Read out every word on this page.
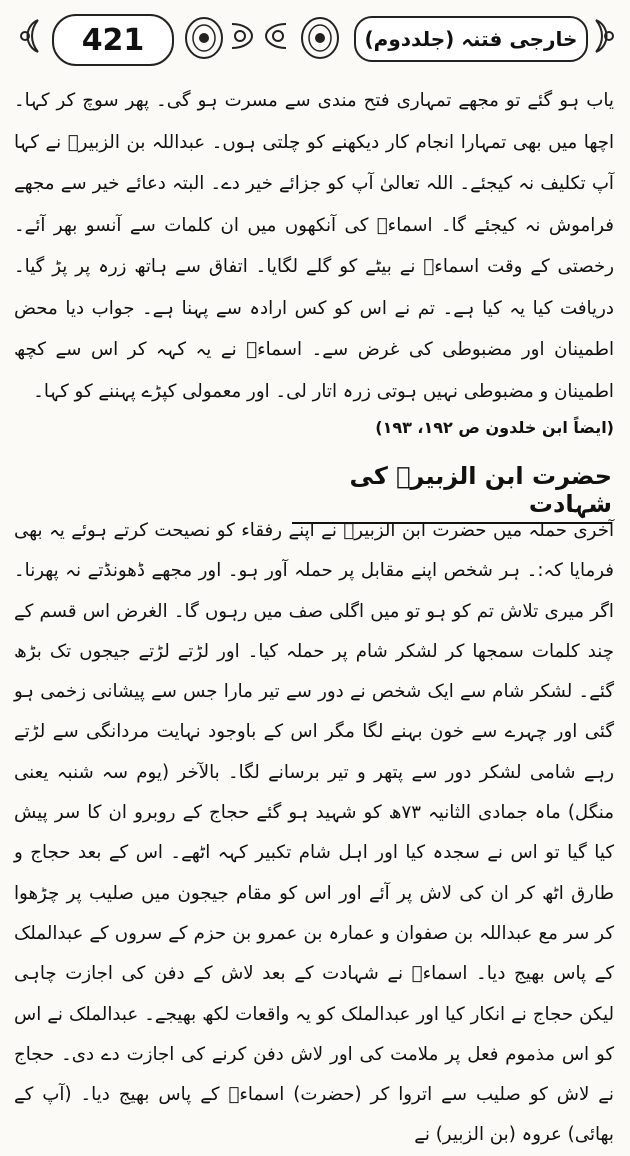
421	خارجی فتنہ (جلددوم)
یاب ہو گئے تو مجھے تمہاری فتح مندی سے مسرت ہو گی۔ پھر سوچ کر کہا۔ اچھا میں بھی تمہارا انجام کار دیکھنے کو چلتی ہوں۔ عبداللہ بن الزبیرؓ نے کہا آپ تکلیف نہ کیجئے۔ اللہ تعالیٰ آپ کو جزائے خیر دے۔ البتہ دعائے خیر سے مجھے فراموش نہ کیجئے گا۔ اسماءؓ کی آنکھوں میں ان کلمات سے آنسو بھر آئے۔ رخصتی کے وقت اسماءؓ نے بیٹے کو گلے لگایا۔ اتفاق سے ہاتھ زرہ پر پڑ گیا۔ دریافت کیا یہ کیا ہے۔ تم نے اس کو کس ارادہ سے پہنا ہے۔ جواب دیا محض اطمینان اور مضبوطی کی غرض سے۔ اسماءؓ نے یہ کہہ کر اس سے کچھ اطمینان و مضبوطی نہیں ہوتی زرہ اتار لی۔ اور معمولی کپڑے پہننے کو کہا۔
(ایضاً ابن خلدون ص ۱۹۲، ۱۹۳)
حضرت ابن الزبیرؓ کی شہادت
آخری حملہ میں حضرت ابن الزبیرؓ نے اپنے رفقاء کو نصیحت کرتے ہوئے یہ بھی فرمایا کہ:۔ ہر شخص اپنے مقابل پر حملہ آور ہو۔ اور مجھے ڈھونڈتے نہ پھرنا۔ اگر میری تلاش تم کو ہو تو میں اگلی صف میں رہوں گا۔ الغرض اس قسم کے چند کلمات سمجھا کر لشکر شام پر حملہ کیا۔ اور لڑتے لڑتے جیجوں تک بڑھ گئے۔ لشکر شام سے ایک شخص نے دور سے تیر مارا جس سے پیشانی زخمی ہو گئی اور چہرے سے خون بہنے لگا مگر اس کے باوجود نہایت مردانگی سے لڑتے رہے شامی لشکر دور سے پتھر و تیر برسانے لگا۔ بالآخر (یوم سہ شنبہ یعنی منگل) ماہ جمادی الثانیہ ۷۳ھ کو شہید ہو گئے حجاج کے روبرو ان کا سر پیش کیا گیا تو اس نے سجدہ کیا اور اہل شام تکبیر کہہ اٹھے۔ اس کے بعد حجاج و طارق اٹھ کر ان کی لاش پر آئے اور اس کو مقام جیجون میں صلیب پر چڑھوا کر سر مع عبداللہ بن صفوان و عمارہ بن عمرو بن حزم کے سروں کے عبدالملک کے پاس بھیج دیا۔ اسماءؓ نے شہادت کے بعد لاش کے دفن کی اجازت چاہی لیکن حجاج نے انکار کیا اور عبدالملک کو یہ واقعات لکھ بھیجے۔ عبدالملک نے اس کو اس مذموم فعل پر ملامت کی اور لاش دفن کرنے کی اجازت دے دی۔ حجاج نے لاش کو صلیب سے اتروا کر (حضرت) اسماءؓ کے پاس بھیج دیا۔ (آپ کے بھائی) عروہ (بن الزبیر) نے
